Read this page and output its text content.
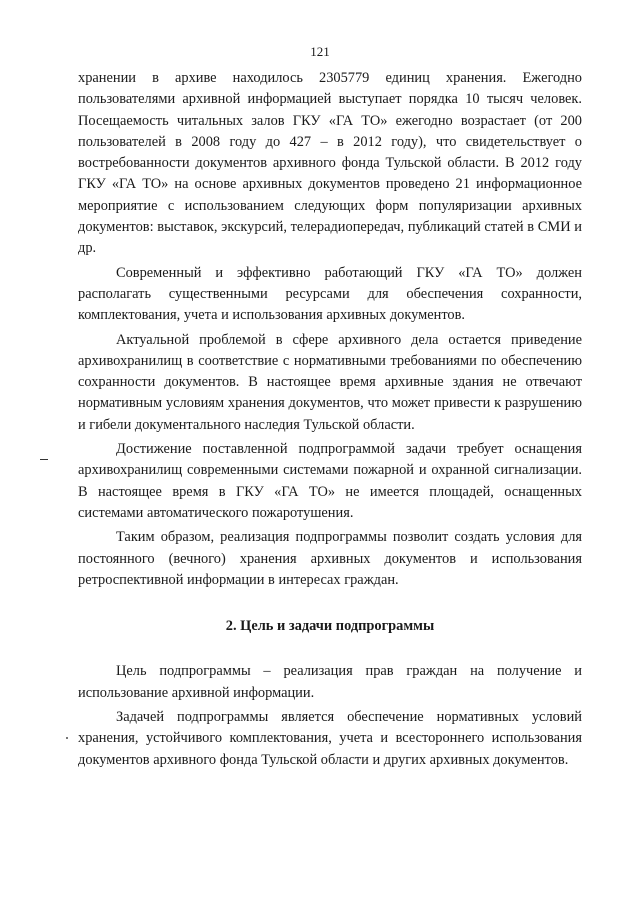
121

хранении в архиве находилось 2305779 единиц хранения. Ежегодно пользователями архивной информацией выступает порядка 10 тысяч человек. Посещаемость читальных залов ГКУ «ГА ТО» ежегодно возрастает (от 200 пользователей в 2008 году до 427 – в 2012 году), что свидетельствует о востребованности документов архивного фонда Тульской области. В 2012 году ГКУ «ГА ТО» на основе архивных документов проведено 21 информационное мероприятие с использованием следующих форм популяризации архивных документов: выставок, экскурсий, телерадиопередач, публикаций статей в СМИ и др.

Современный и эффективно работающий ГКУ «ГА ТО» должен располагать существенными ресурсами для обеспечения сохранности, комплектования, учета и использования архивных документов.

Актуальной проблемой в сфере архивного дела остается приведение архивохранилищ в соответствие с нормативными требованиями по обеспечению сохранности документов. В настоящее время архивные здания не отвечают нормативным условиям хранения документов, что может привести к разрушению и гибели документального наследия Тульской области.

Достижение поставленной подпрограммой задачи требует оснащения архивохранилищ современными системами пожарной и охранной сигнализации. В настоящее время в ГКУ «ГА ТО» не имеется площадей, оснащенных системами автоматического пожаротушения.

Таким образом, реализация подпрограммы позволит создать условия для постоянного (вечного) хранения архивных документов и использования ретроспективной информации в интересах граждан.

2. Цель и задачи подпрограммы

Цель подпрограммы – реализация прав граждан на получение и использование архивной информации.

Задачей подпрограммы является обеспечение нормативных условий хранения, устойчивого комплектования, учета и всестороннего использования документов архивного фонда Тульской области и других архивных документов.
